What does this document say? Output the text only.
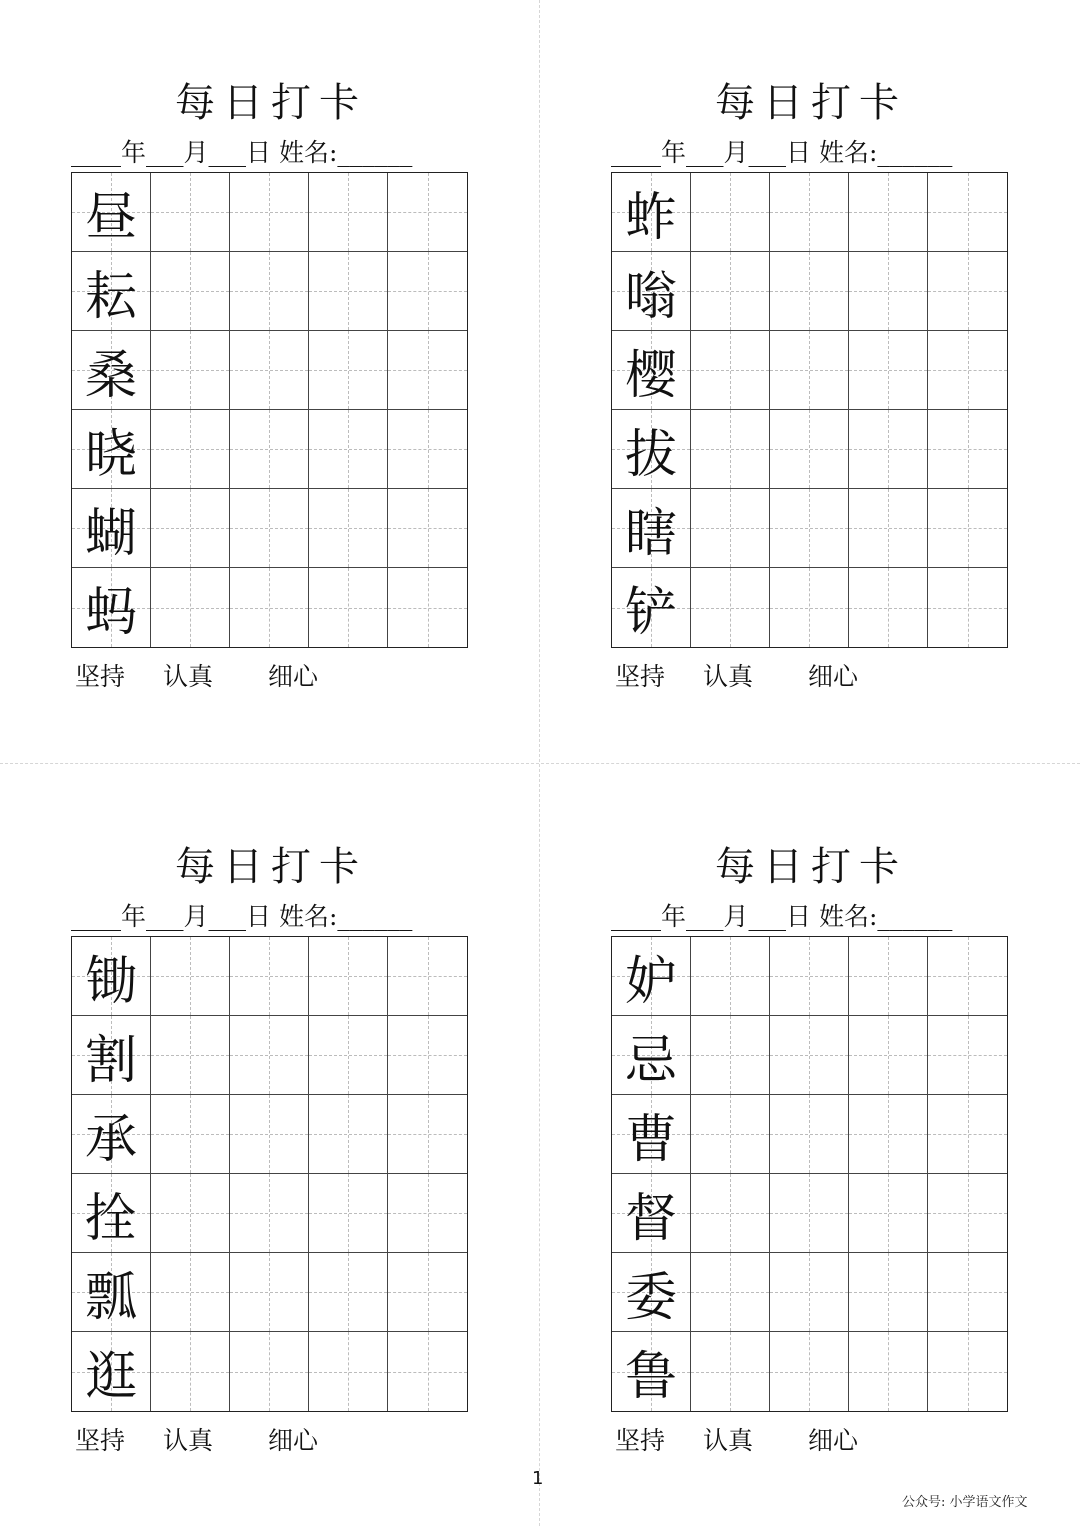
每日打卡
____年___月___日 姓名:______
昼
耘
桑
晓
蝴
蚂
坚持 认真 细心
每日打卡
____年___月___日 姓名:______
蚱
嗡
樱
拔
瞎
铲
坚持 认真 细心
每日打卡
____年___月___日 姓名:______
锄
割
承
拴
瓢
逛
坚持 认真 细心
每日打卡
____年___月___日 姓名:______
妒
忌
曹
督
委
鲁
坚持 认真 细心
1
公众号: 小学语文作文
